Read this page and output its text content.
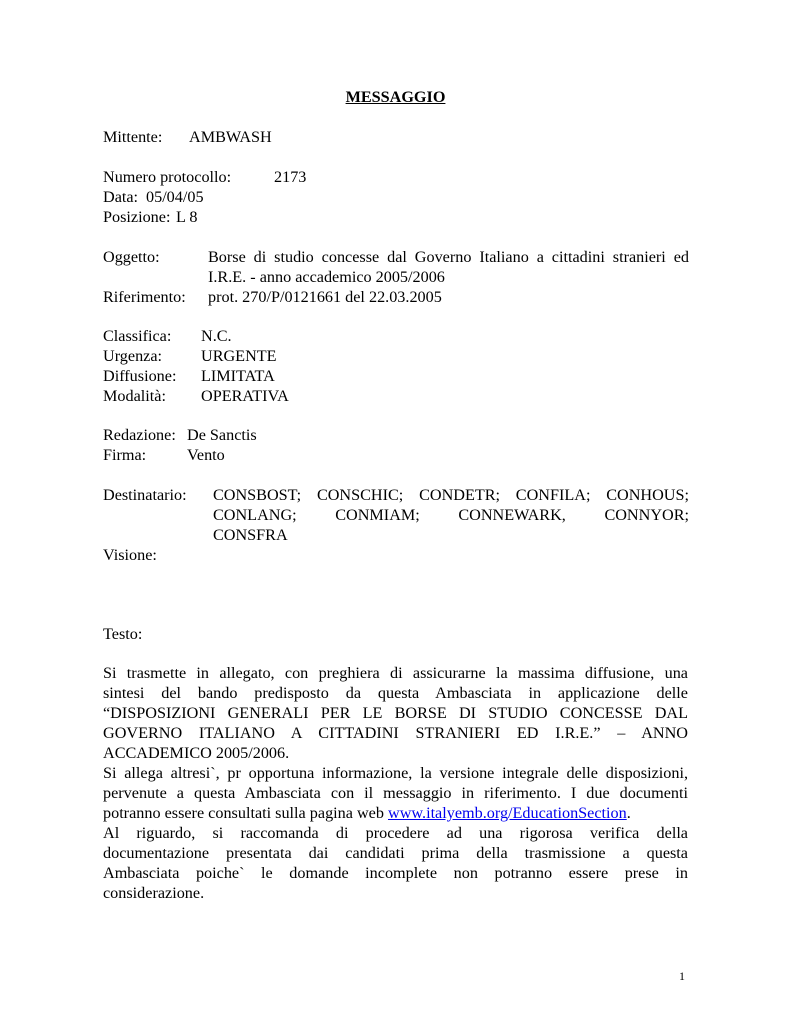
MESSAGGIO
Mittente: AMBWASH
Numero protocollo:	2173
Data: 05/04/05
Posizione: L 8
Oggetto:	Borse di studio concesse dal Governo Italiano a cittadini stranieri ed
I.R.E. - anno accademico 2005/2006
Riferimento: prot. 270/P/0121661 del 22.03.2005
Classifica: N.C.
Urgenza: URGENTE
Diffusione: LIMITATA
Modalità: OPERATIVA
Redazione: De Sanctis
Firma:	Vento
Destinatario: CONSBOST; CONSCHIC; CONDETR; CONFILA; CONHOUS;
CONLANG; CONMIAM; CONNEWARK, CONNYOR;
CONSFRA
Visione:
Testo:
Si trasmette in allegato, con preghiera di assicurarne la massima diffusione, una
sintesi del bando predisposto da questa Ambasciata in applicazione delle
“DISPOSIZIONI GENERALI PER LE BORSE DI STUDIO CONCESSE DAL
GOVERNO ITALIANO A CITTADINI STRANIERI ED I.R.E.” – ANNO
ACCADEMICO 2005/2006.
Si allega altresi`, pr opportuna informazione, la versione integrale delle disposizioni,
pervenute a questa Ambasciata con il messaggio in riferimento. I due documenti
potranno essere consultati sulla pagina web www.italyemb.org/EducationSection.
Al riguardo, si raccomanda di procedere ad una rigorosa verifica della
documentazione presentata dai candidati prima della trasmissione a questa
Ambasciata poiche` le domande incomplete non potranno essere prese in
considerazione.
1
